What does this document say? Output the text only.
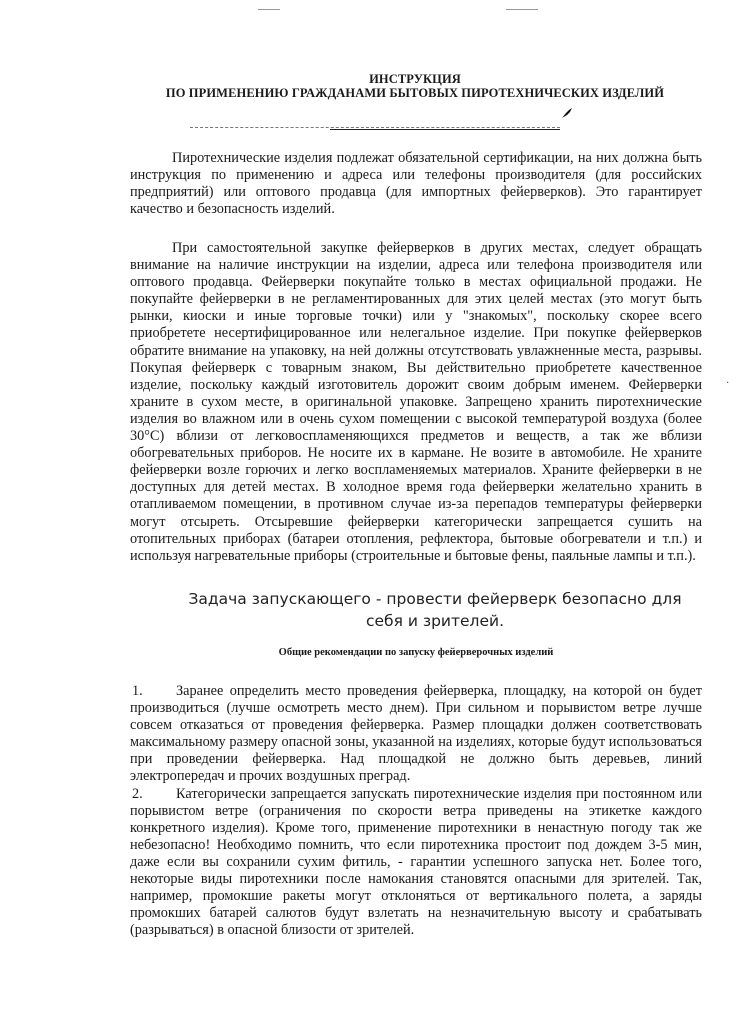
ИНСТРУКЦИЯ
ПО ПРИМЕНЕНИЮ ГРАЖДАНАМИ БЫТОВЫХ ПИРОТЕХНИЧЕСКИХ ИЗДЕЛИЙ

Пиротехнические изделия подлежат обязательной сертификации, на них должна быть инструкция по применению и адреса или телефоны производителя (для российских предприятий) или оптового продавца (для импортных фейерверков). Это гарантирует качество и безопасность изделий.

При самостоятельной закупке фейерверков в других местах, следует обращать внимание на наличие инструкции на изделии, адреса или телефона производителя или оптового продавца. Фейерверки покупайте только в местах официальной продажи. Не покупайте фейерверки в не регламентированных для этих целей местах (это могут быть рынки, киоски и иные торговые точки) или у "знакомых", поскольку скорее всего приобретете несертифицированное или нелегальное изделие. При покупке фейерверков обратите внимание на упаковку, на ней должны отсутствовать увлажненные места, разрывы. Покупая фейерверк с товарным знаком, Вы действительно приобретете качественное изделие, поскольку каждый изготовитель дорожит своим добрым именем. Фейерверки храните в сухом месте, в оригинальной упаковке. Запрещено хранить пиротехнические изделия во влажном или в очень сухом помещении с высокой температурой воздуха (более 30°С) вблизи от легковоспламеняющихся предметов и веществ, а так же вблизи обогревательных приборов. Не носите их в кармане. Не возите в автомобиле. Не храните фейерверки возле горючих и легко воспламеняемых материалов. Храните фейерверки в не доступных для детей местах. В холодное время года фейерверки желательно хранить в отапливаемом помещении, в противном случае из-за перепадов температуры фейерверки могут отсыреть. Отсыревшие фейерверки категорически запрещается сушить на отопительных приборах (батареи отопления, рефлектора, бытовые обогреватели и т.п.) и используя нагревательные приборы (строительные и бытовые фены, паяльные лампы и т.п.).

·
Задача запускающего - провести фейерверк безопасно для себя и зрителей.
Общие рекомендации по запуску фейерверочных изделий
1.	Заранее определить место проведения фейерверка, площадку, на которой он будет производиться (лучше осмотреть место днем). При сильном и порывистом ветре лучше совсем отказаться от проведения фейерверка. Размер площадки должен соответствовать максимальному размеру опасной зоны, указанной на изделиях, которые будут использоваться при проведении фейерверка. Над площадкой не должно быть деревьев, линий электропередач и прочих воздушных преград.
2.	Категорически запрещается запускать пиротехнические изделия при постоянном или порывистом ветре (ограничения по скорости ветра приведены на этикетке каждого конкретного изделия). Кроме того, применение пиротехники в ненастную погоду так же небезопасно! Необходимо помнить, что если пиротехника простоит под дождем 3-5 мин, даже если вы сохранили сухим фитиль, - гарантии успешного запуска нет. Более того, некоторые виды пиротехники после намокания становятся опасными для зрителей. Так, например, промокшие ракеты могут отклоняться от вертикального полета, а заряды промокших батарей салютов будут взлетать на незначительную высоту и срабатывать (разрываться) в опасной близости от зрителей.
